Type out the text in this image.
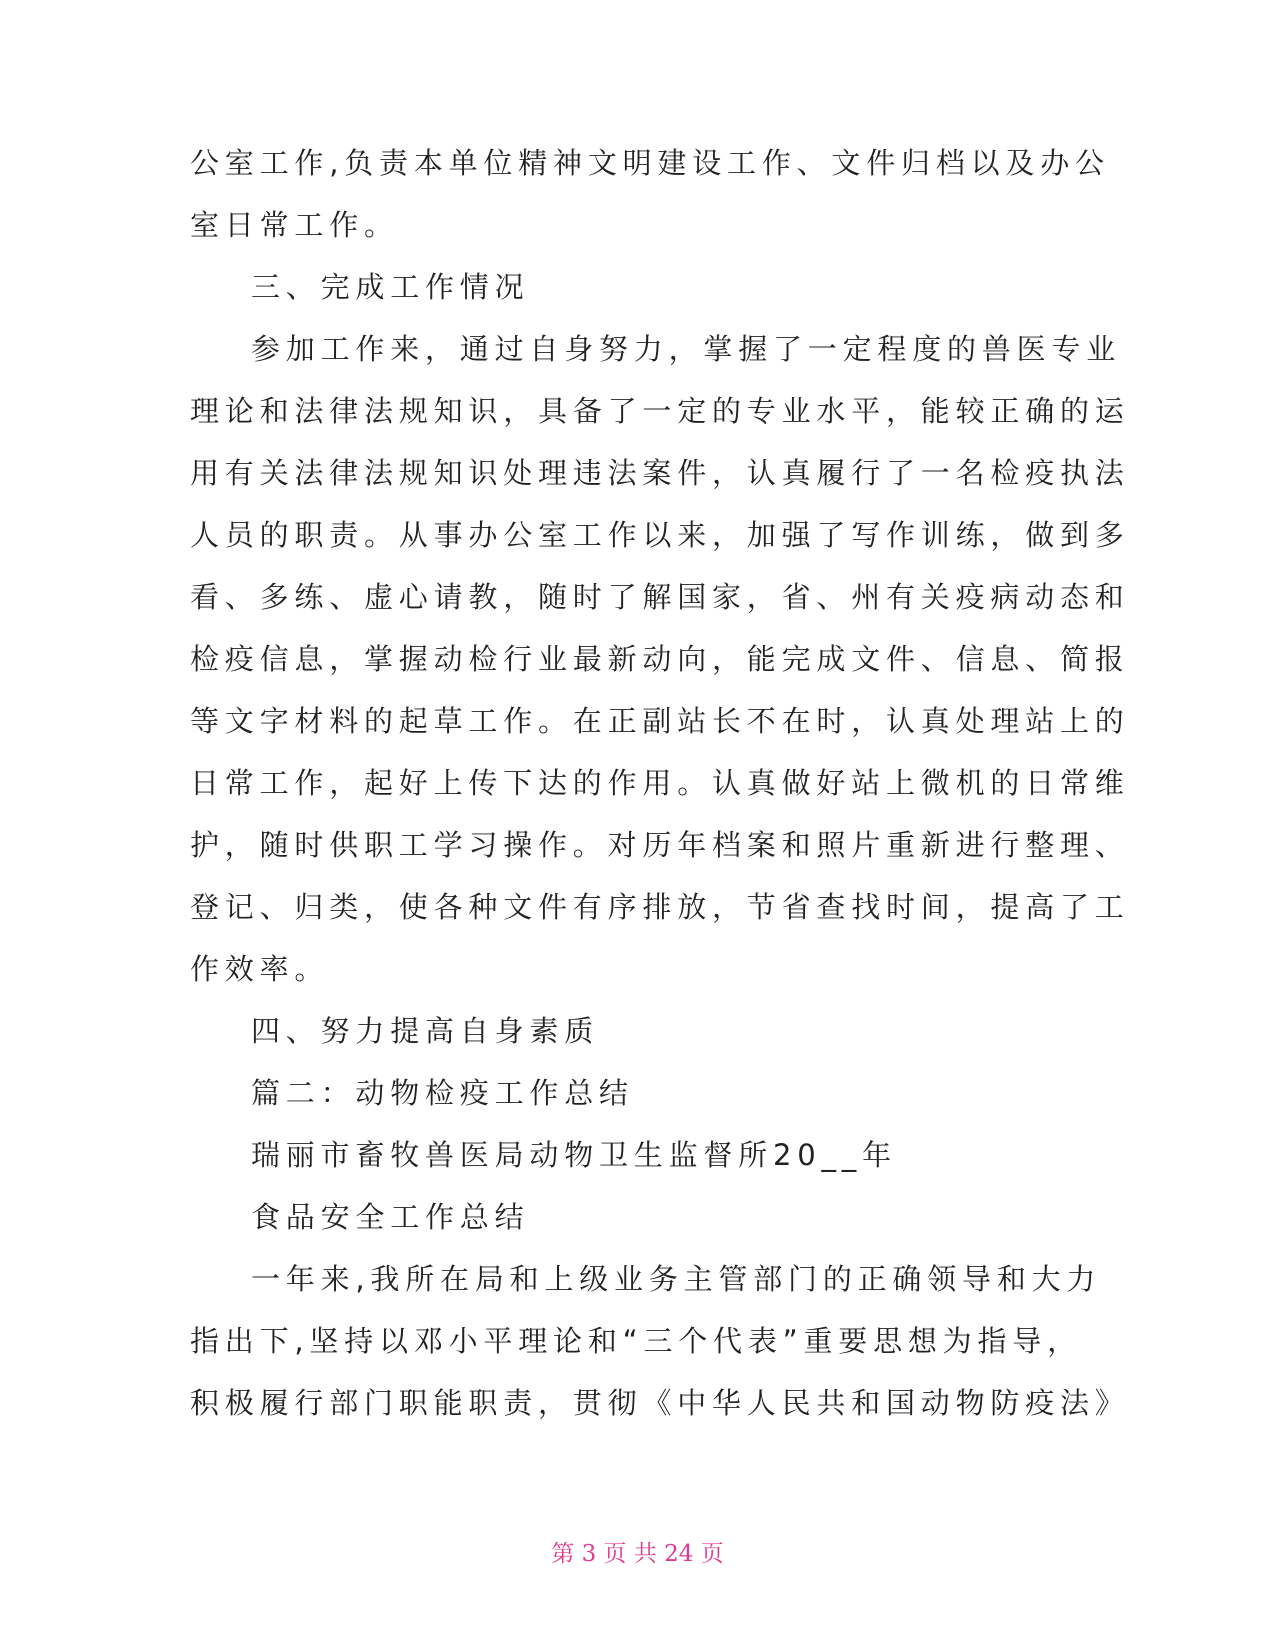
公室工作,负责本单位精神文明建设工作、文件归档以及办公
室日常工作。
三、完成工作情况
参加工作来，通过自身努力，掌握了一定程度的兽医专业
理论和法律法规知识，具备了一定的专业水平，能较正确的运
用有关法律法规知识处理违法案件，认真履行了一名检疫执法
人员的职责。从事办公室工作以来，加强了写作训练，做到多
看、多练、虚心请教，随时了解国家，省、州有关疫病动态和
检疫信息，掌握动检行业最新动向，能完成文件、信息、简报
等文字材料的起草工作。在正副站长不在时，认真处理站上的
日常工作，起好上传下达的作用。认真做好站上微机的日常维
护，随时供职工学习操作。对历年档案和照片重新进行整理、
登记、归类，使各种文件有序排放，节省查找时间，提高了工
作效率。
四、努力提高自身素质
篇二：动物检疫工作总结
瑞丽市畜牧兽医局动物卫生监督所20__年
食品安全工作总结
一年来,我所在局和上级业务主管部门的正确领导和大力
指出下,坚持以邓小平理论和“三个代表”重要思想为指导，
积极履行部门职能职责，贯彻《中华人民共和国动物防疫法》
第 3 页 共 24 页
